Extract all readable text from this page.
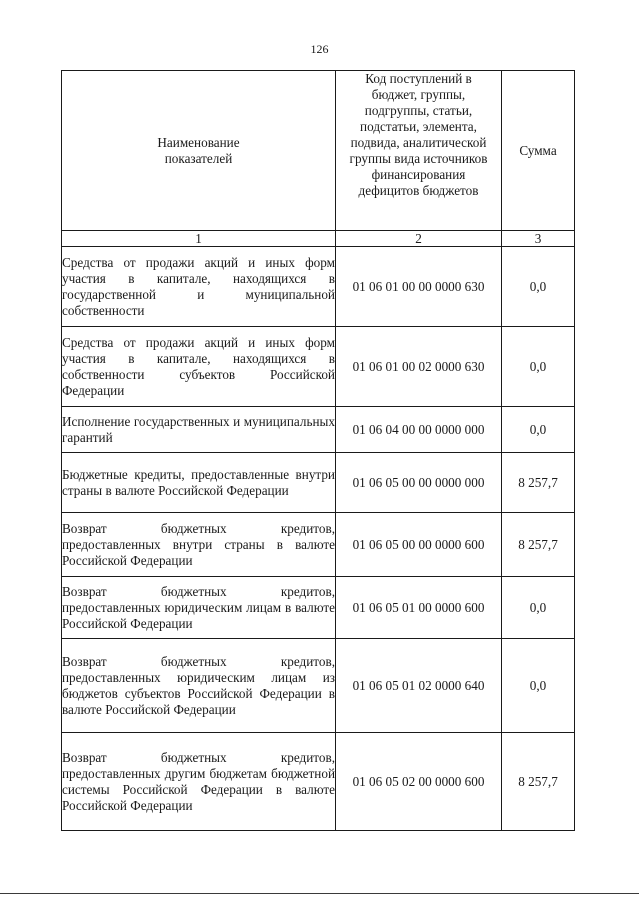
126
Наименование показателей	Код поступлений в бюджет, группы, подгруппы, статьи, подстатьи, элемента, подвида, аналитической группы вида источников финансирования дефицитов бюджетов	Сумма
1	2	3
Средства от продажи акций и иных форм участия в капитале, находящихся в государственной и муниципальной собственности	01 06 01 00 00 0000 630	0,0
Средства от продажи акций и иных форм участия в капитале, находящихся в собственности субъектов Российской Федерации	01 06 01 00 02 0000 630	0,0
Исполнение государственных и муниципальных гарантий	01 06 04 00 00 0000 000	0,0
Бюджетные кредиты, предоставленные внутри страны в валюте Российской Федерации	01 06 05 00 00 0000 000	8 257,7
Возврат бюджетных кредитов, предоставленных внутри страны в валюте Российской Федерации	01 06 05 00 00 0000 600	8 257,7
Возврат бюджетных кредитов, предоставленных юридическим лицам в валюте Российской Федерации	01 06 05 01 00 0000 600	0,0
Возврат бюджетных кредитов, предоставленных юридическим лицам из бюджетов субъектов Российской Федерации в валюте Российской Федерации	01 06 05 01 02 0000 640	0,0
Возврат бюджетных кредитов, предоставленных другим бюджетам бюджетной системы Российской Федерации в валюте Российской Федерации	01 06 05 02 00 0000 600	8 257,7
